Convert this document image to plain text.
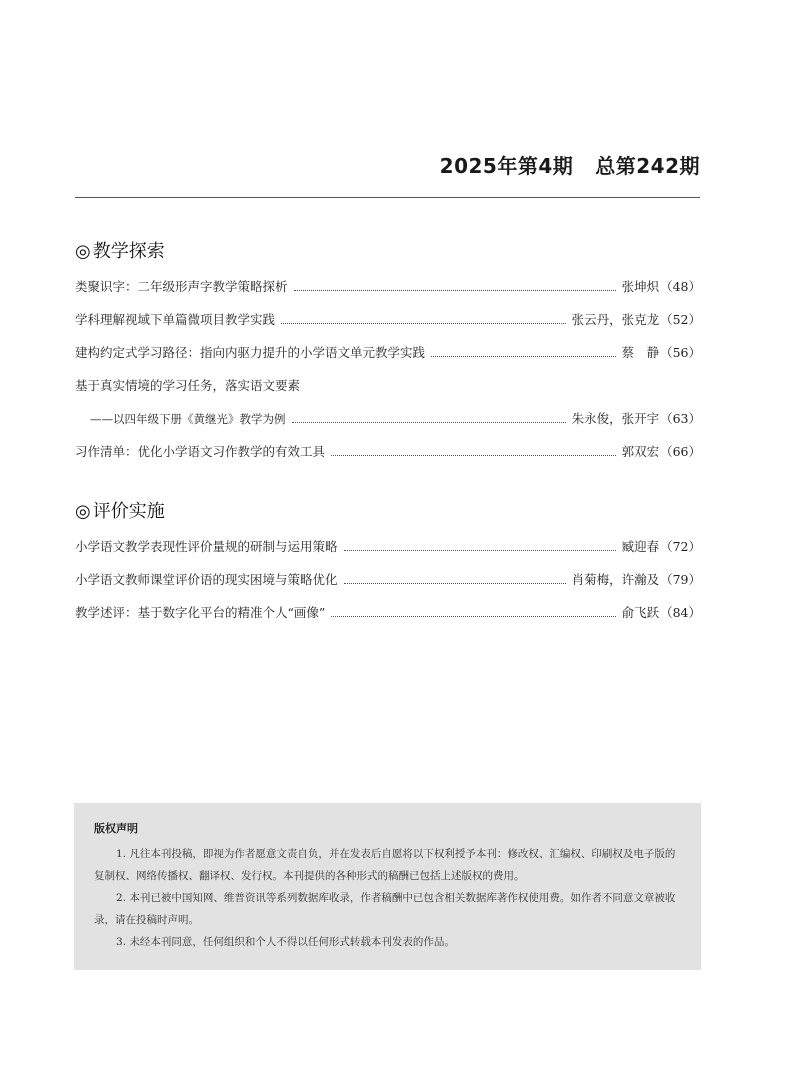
2025年第4期 总第242期
◎ 教学探索
类聚识字：二年级形声字教学策略探析	张坤炽 （48）
学科理解视域下单篇微项目教学实践	张云丹，张克龙 （52）
建构约定式学习路径：指向内驱力提升的小学语文单元教学实践	蔡　静 （56）
基于真实情境的学习任务，落实语文要素
——以四年级下册《黄继光》教学为例	朱永俊，张开宇 （63）
习作清单：优化小学语文习作教学的有效工具	郭双宏 （66）
◎ 评价实施
小学语文教学表现性评价量规的研制与运用策略	臧迎春 （72）
小学语文教师课堂评价语的现实困境与策略优化	肖菊梅，许瀚及 （79）
教学述评：基于数字化平台的精准个人“画像”	俞飞跃 （84）
版权声明

1. 凡往本刊投稿，即视为作者愿意文责自负，并在发表后自愿将以下权利授予本刊：修改权、汇编权、印刷权及电子版的复制权、网络传播权、翻译权、发行权。本刊提供的各种形式的稿酬已包括上述版权的费用。

2. 本刊已被中国知网、维普资讯等系列数据库收录，作者稿酬中已包含相关数据库著作权使用费。如作者不同意文章被收录，请在投稿时声明。

3. 未经本刊同意，任何组织和个人不得以任何形式转载本刊发表的作品。
